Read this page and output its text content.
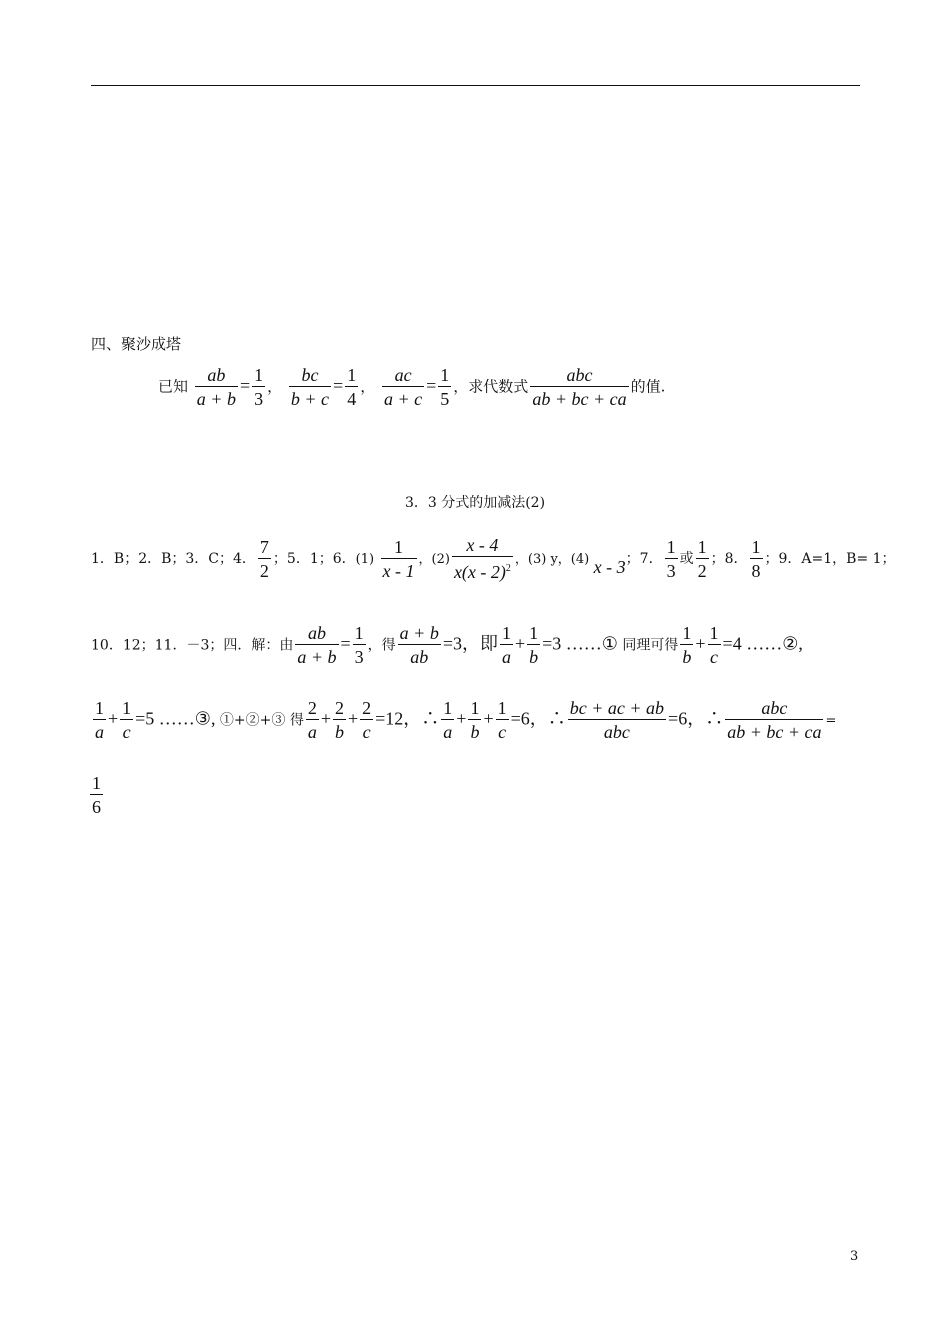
四、聚沙成塔
已知 $\frac{ab}{a + b} = \frac{1}{3}$ ， $\frac{bc}{b + c} = \frac{1}{4}$ ， $\frac{ac}{a + c} = \frac{1}{5}$ ，求代数式 $\frac{\text{abc}}{ab + bc + ca}$ 的值.
3．3 分式的加减法(2)
1．B；2．B；3．C；4． $\frac{7}{2}$ ；5．1；6．$(1) \frac{1}{x - 1}$ ，$(2) \frac{x - 4}{x(x - 2)^2}$ ，(3) y，(4) x - 3；7． $\frac{1}{3}$ 或 $\frac{1}{2}$ ；8． $\frac{1}{8}$ ；9．A=1，B= 1；
10．12；11．－3；四．解：由 $\frac{ab}{a + b} = \frac{1}{3}$ ，得 $\frac{a + b}{ab} =3$，即 $\frac{1}{a} + \frac{1}{b} =3$ ……① 同理可得 $\frac{1}{b} + \frac{1}{c} =4$ ……②,
$\frac{1}{a} + \frac{1}{c} =5$ ……③, ①+②+③ 得 $\frac{2}{a} + \frac{2}{b} + \frac{2}{c} =12$，∴ $\frac{1}{a} + \frac{1}{b} + \frac{1}{c} =6$，∴ $\frac{bc + ac + ab}{\text{abc}} =6$，∴ $\frac{\text{abc}}{ab + bc + ca}$ =
$\frac{1}{6}$
3
